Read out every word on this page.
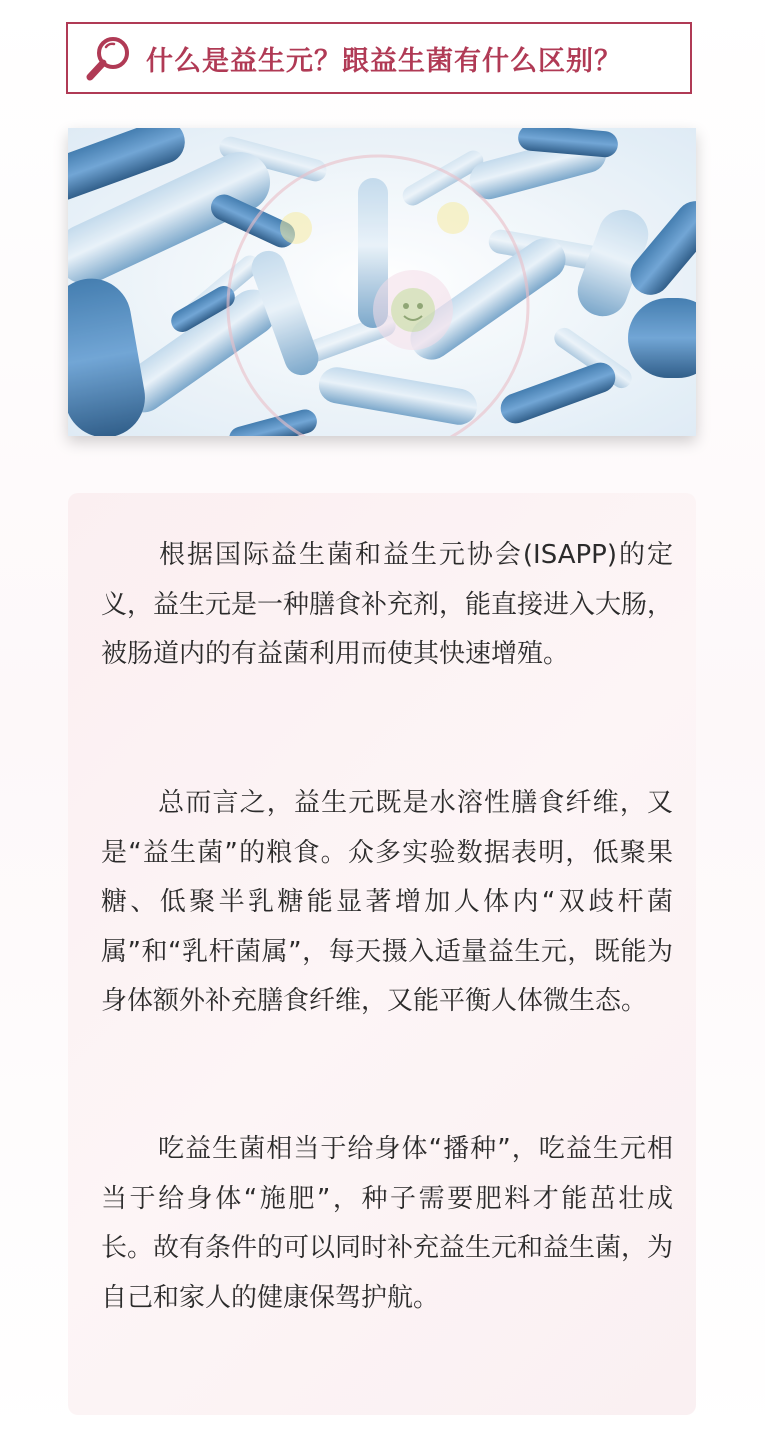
什么是益生元？跟益生菌有什么区别？
根据国际益生菌和益生元协会(ISAPP)的定义，益生元是一种膳食补充剂，能直接进入大肠，被肠道内的有益菌利用而使其快速增殖。
总而言之，益生元既是水溶性膳食纤维，又是“益生菌”的粮食。众多实验数据表明，低聚果糖、低聚半乳糖能显著增加人体内“双歧杆菌属”和“乳杆菌属”，每天摄入适量益生元，既能为身体额外补充膳食纤维，又能平衡人体微生态。
吃益生菌相当于给身体“播种”，吃益生元相当于给身体“施肥”，种子需要肥料才能茁壮成长。故有条件的可以同时补充益生元和益生菌，为自己和家人的健康保驾护航。
